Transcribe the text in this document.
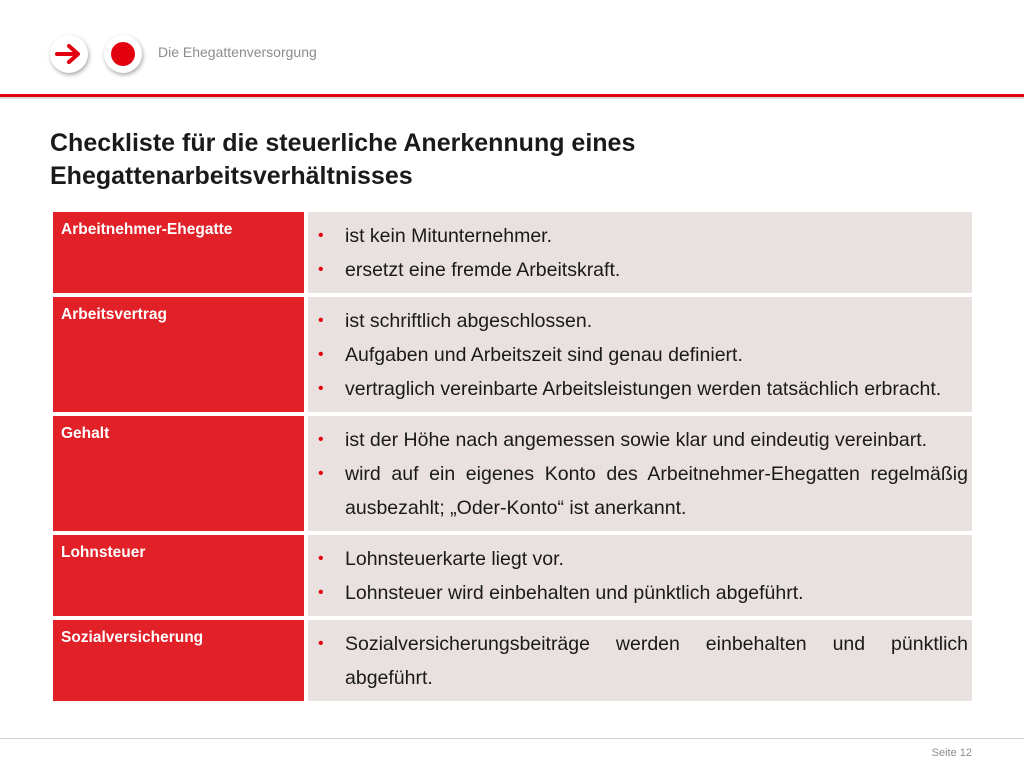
Die Ehegattenversorgung
Checkliste für die steuerliche Anerkennung eines Ehegattenarbeitsverhältnisses
Arbeitnehmer-Ehegatte	• ist kein Mitunternehmer.
• ersetzt eine fremde Arbeitskraft.
Arbeitsvertrag	• ist schriftlich abgeschlossen.
• Aufgaben und Arbeitszeit sind genau definiert.
• vertraglich vereinbarte Arbeitsleistungen werden tatsächlich erbracht.
Gehalt	• ist der Höhe nach angemessen sowie klar und eindeutig vereinbart.
• wird auf ein eigenes Konto des Arbeitnehmer-Ehegatten regelmäßig ausbezahlt; „Oder-Konto“ ist anerkannt.
Lohnsteuer	• Lohnsteuerkarte liegt vor.
• Lohnsteuer wird einbehalten und pünktlich abgeführt.
Sozialversicherung	• Sozialversicherungsbeiträge werden einbehalten und pünktlich abgeführt.
Seite 12
